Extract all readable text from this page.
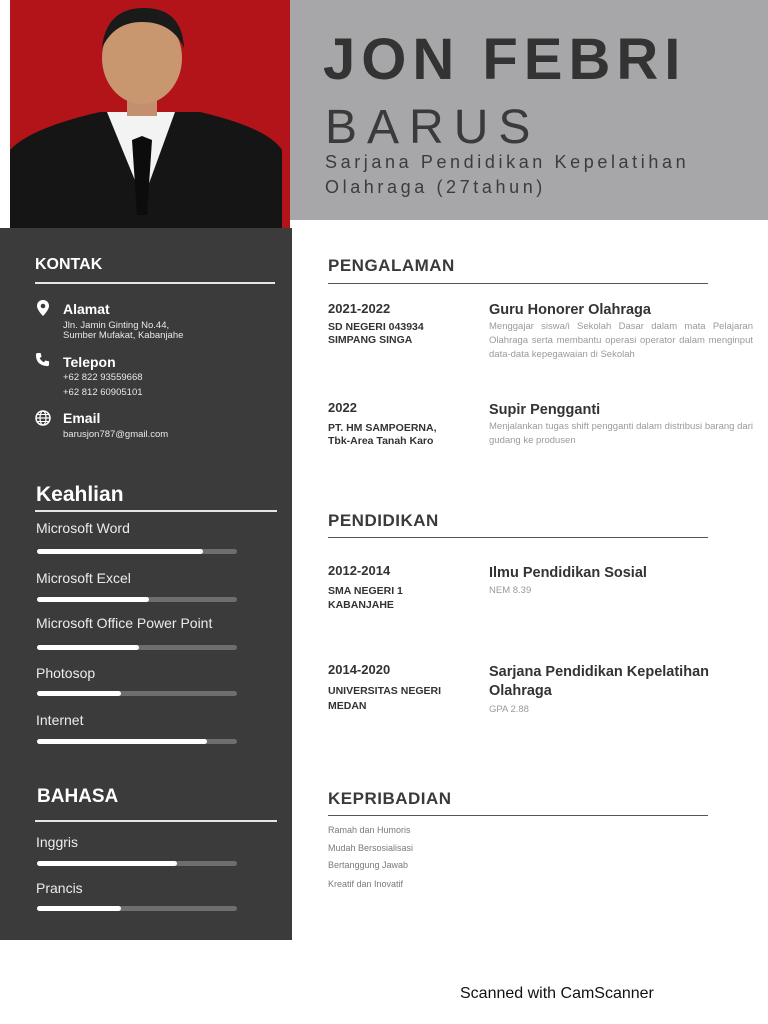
JON FEBRI
BARUS
Sarjana Pendidikan Kepelatihan Olahraga (27tahun)
KONTAK
Alamat
Jln. Jamin Ginting No.44,
Sumber Mufakat, Kabanjahe
Telepon
+62 822 93559668
+62 812 60905101
Email
barusjon787@gmail.com
Keahlian
Microsoft Word
Microsoft Excel
Microsoft Office Power Point
Photosop
Internet
BAHASA
Inggris
Prancis
PENGALAMAN
2021-2022
SD NEGERI 043934
SIMPANG SINGA
Guru Honorer Olahraga
Menggajar siswa/i Sekolah Dasar dalam mata Pelajaran Olahraga serta membantu operasi operator dalam menginput data-data kepegawaian di Sekolah
2022
PT. HM SAMPOERNA,
Tbk-Area Tanah Karo
Supir Pengganti
Menjalankan tugas shift pengganti dalam distribusi barang dari gudang ke produsen
PENDIDIKAN
2012-2014
SMA NEGERI 1
KABANJAHE
Ilmu Pendidikan Sosial
NEM 8.39
2014-2020
UNIVERSITAS NEGERI
MEDAN
Sarjana Pendidikan Kepelatihan Olahraga
GPA 2.88
KEPRIBADIAN
Ramah dan Humoris
Mudah Bersosialisasi
Bertanggung Jawab
Kreatif dan Inovatif
Scanned with CamScanner
